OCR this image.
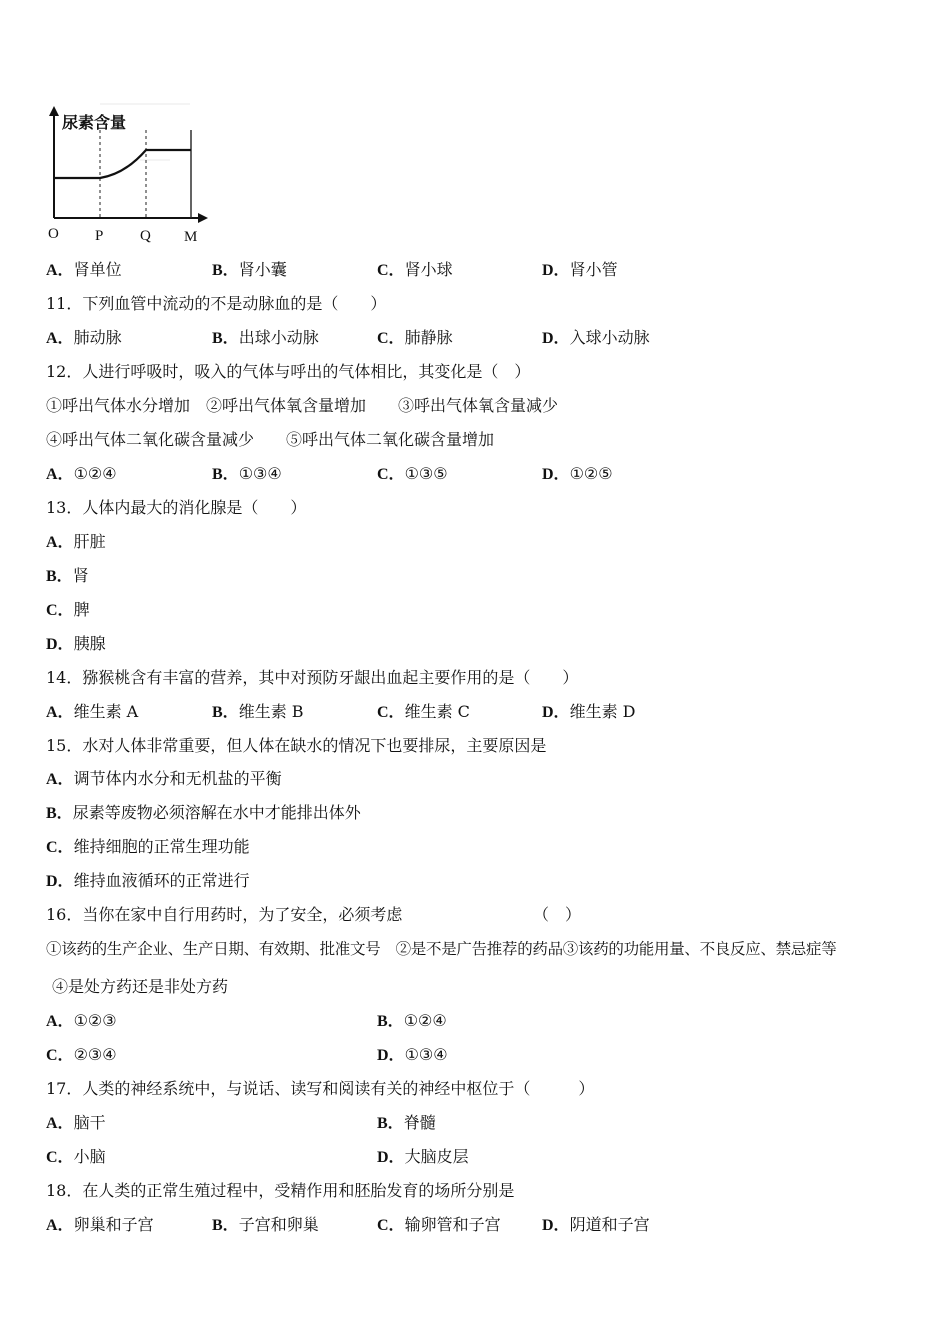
尿素含量
O P Q M
A．肾单位	B．肾小囊	C．肾小球	D．肾小管
11．下列血管中流动的不是动脉血的是（　　）
A．肺动脉	B．出球小动脉	C．肺静脉	D．入球小动脉
12．人进行呼吸时，吸入的气体与呼出的气体相比，其变化是（　）
①呼出气体水分增加　②呼出气体氧含量增加　　③呼出气体氧含量减少
④呼出气体二氧化碳含量减少　　⑤呼出气体二氧化碳含量增加
A．①②④	B．①③④	C．①③⑤	D．①②⑤
13．人体内最大的消化腺是（　　）
A．肝脏
B．肾
C．脾
D．胰腺
14．猕猴桃含有丰富的营养，其中对预防牙龈出血起主要作用的是（　　）
A．维生素 A	B．维生素 B	C．维生素 C	D．维生素 D
15．水对人体非常重要，但人体在缺水的情况下也要排尿，主要原因是
A．调节体内水分和无机盐的平衡
B．尿素等废物必须溶解在水中才能排出体外
C．维持细胞的正常生理功能
D．维持血液循环的正常进行
16．当你在家中自行用药时，为了安全，必须考虑	（　）
①该药的生产企业、生产日期、有效期、批准文号　②是不是广告推荐的药品③该药的功能用量、不良反应、禁忌症等
④是处方药还是非处方药
A．①②③	B．①②④
C．②③④	D．①③④
17．人类的神经系统中，与说话、读写和阅读有关的神经中枢位于（　　　）
A．脑干	B．脊髓
C．小脑	D．大脑皮层
18．在人类的正常生殖过程中，受精作用和胚胎发育的场所分别是
A．卵巢和子宫	B．子宫和卵巢	C．输卵管和子宫	D．阴道和子宫
